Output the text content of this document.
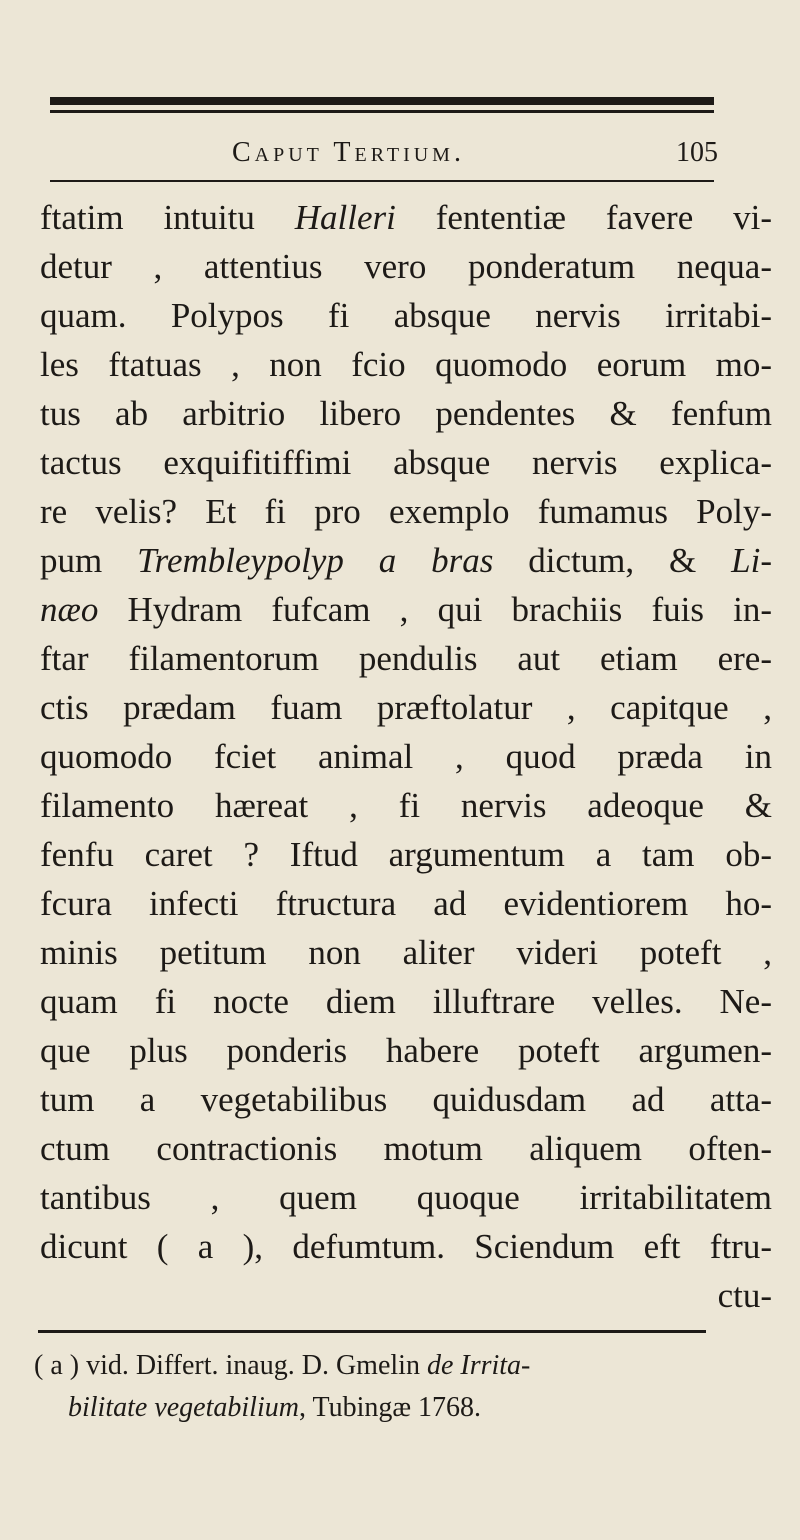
Caput Tertium.	105
ftatim intuitu Halleri fententiæ favere vi-
detur , attentius vero ponderatum nequa-
quam. Polypos fi absque nervis irritabi-
les ftatuas , non fcio quomodo eorum mo-
tus ab arbitrio libero pendentes & fenfum
tactus exquifitiffimi absque nervis explica-
re velis? Et fi pro exemplo fumamus Poly-
pum Trembleypolyp a bras dictum, & Li-
næo Hydram fufcam , qui brachiis fuis in-
ftar filamentorum pendulis aut etiam ere-
ctis prædam fuam præftolatur , capitque ,
quomodo fciet animal , quod præda in
filamento hæreat , fi nervis adeoque &
fenfu caret ? Iftud argumentum a tam ob-
fcura infecti ftructura ad evidentiorem ho-
minis petitum non aliter videri poteft ,
quam fi nocte diem illuftrare velles. Ne-
que plus ponderis habere poteft argumen-
tum a vegetabilibus quidusdam ad atta-
ctum contractionis motum aliquem often-
tantibus , quem quoque irritabilitatem
dicunt ( a ), defumtum. Sciendum eft ftru-
ctu-
( a ) vid. Differt. inaug. D. Gmelin de Irrita-
bilitate vegetabilium, Tubingæ 1768.
